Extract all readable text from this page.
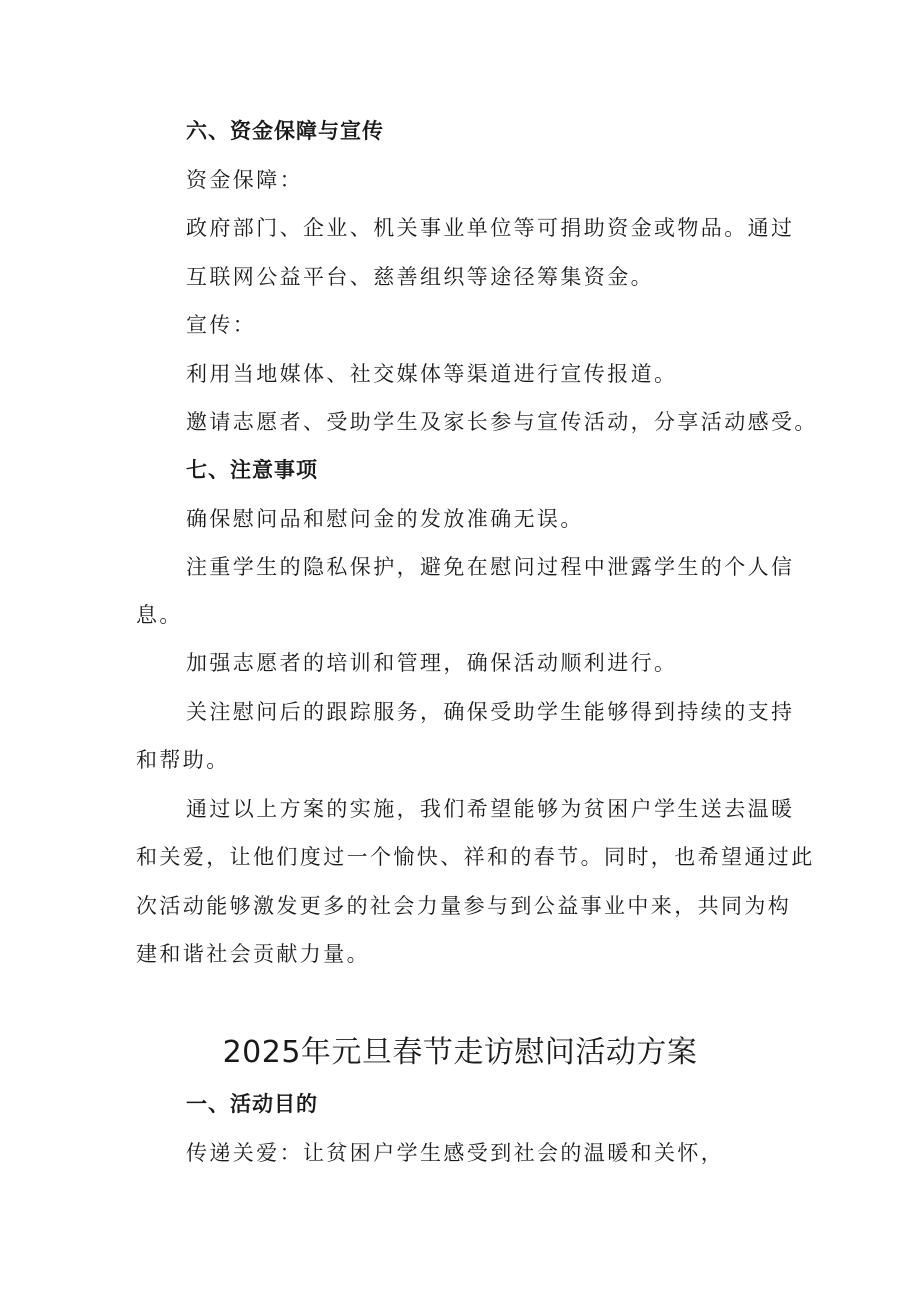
六、资金保障与宣传
资金保障：
政府部门、企业、机关事业单位等可捐助资金或物品。通过
互联网公益平台、慈善组织等途径筹集资金。
宣传：
利用当地媒体、社交媒体等渠道进行宣传报道。
邀请志愿者、受助学生及家长参与宣传活动，分享活动感受。
七、注意事项
确保慰问品和慰问金的发放准确无误。
注重学生的隐私保护，避免在慰问过程中泄露学生的个人信
息。
加强志愿者的培训和管理，确保活动顺利进行。
关注慰问后的跟踪服务，确保受助学生能够得到持续的支持
和帮助。
通过以上方案的实施，我们希望能够为贫困户学生送去温暖
和关爱，让他们度过一个愉快、祥和的春节。同时，也希望通过此
次活动能够激发更多的社会力量参与到公益事业中来，共同为构
建和谐社会贡献力量。
2025年元旦春节走访慰问活动方案
一、活动目的
传递关爱：让贫困户学生感受到社会的温暖和关怀，
